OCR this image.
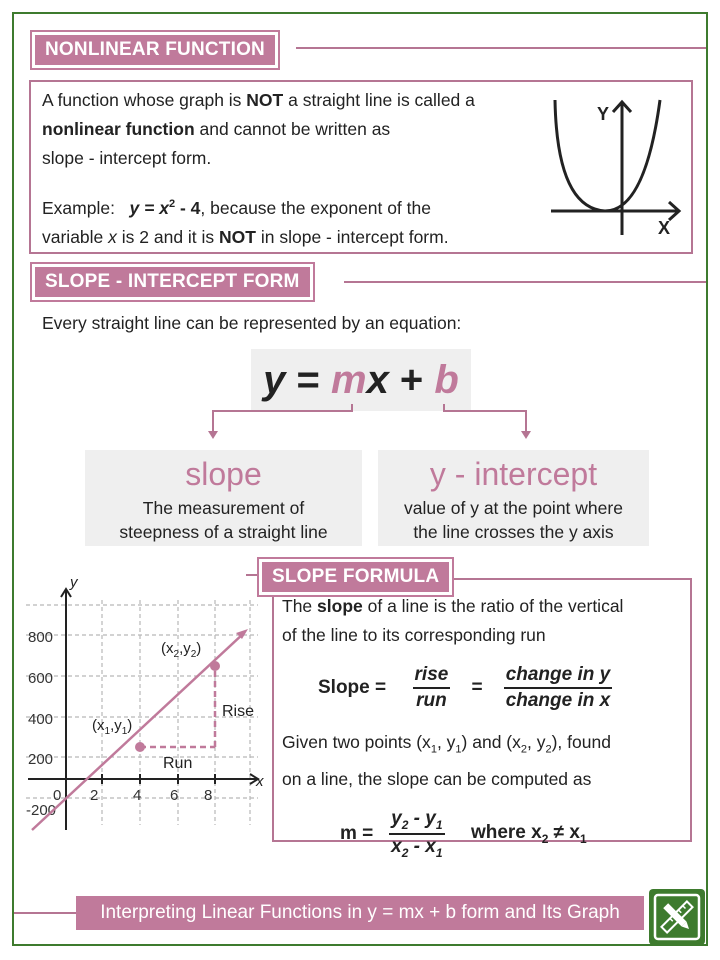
NONLINEAR FUNCTION
A function whose graph is NOT a straight line is called a
nonlinear function and cannot be written as
slope - intercept form.
Example: $y = x^2 - 4$, because the exponent of the
variable x is 2 and it is NOT in slope - intercept form.
Y
X
SLOPE - INTERCEPT FORM
Every straight line can be represented by an equation:
y = mx + b
slope
The measurement of
steepness of a straight line
y - intercept
value of y at the point where
the line crosses the y axis
x
y
800
600
400
200
-200
0 2 4 6 8
$(x_1,y_1)$
$(x_2,y_2)$
Rise
Run
SLOPE FORMULA
The slope of a line is the ratio of the vertical
of the line to its corresponding run
Slope = $\frac{\text{rise}}{\text{run}} = \frac{\text{change in y}}{\text{change in x}}$
Given two points ($x_1$, $y_1$) and ($x_2$, $y_2$), found
on a line, the slope can be computed as
$m = \frac{y_2 - y_1}{x_2 - x_1}$ where $x_2 \ne x_1$
Interpreting Linear Functions in y = mx + b form and Its Graph
